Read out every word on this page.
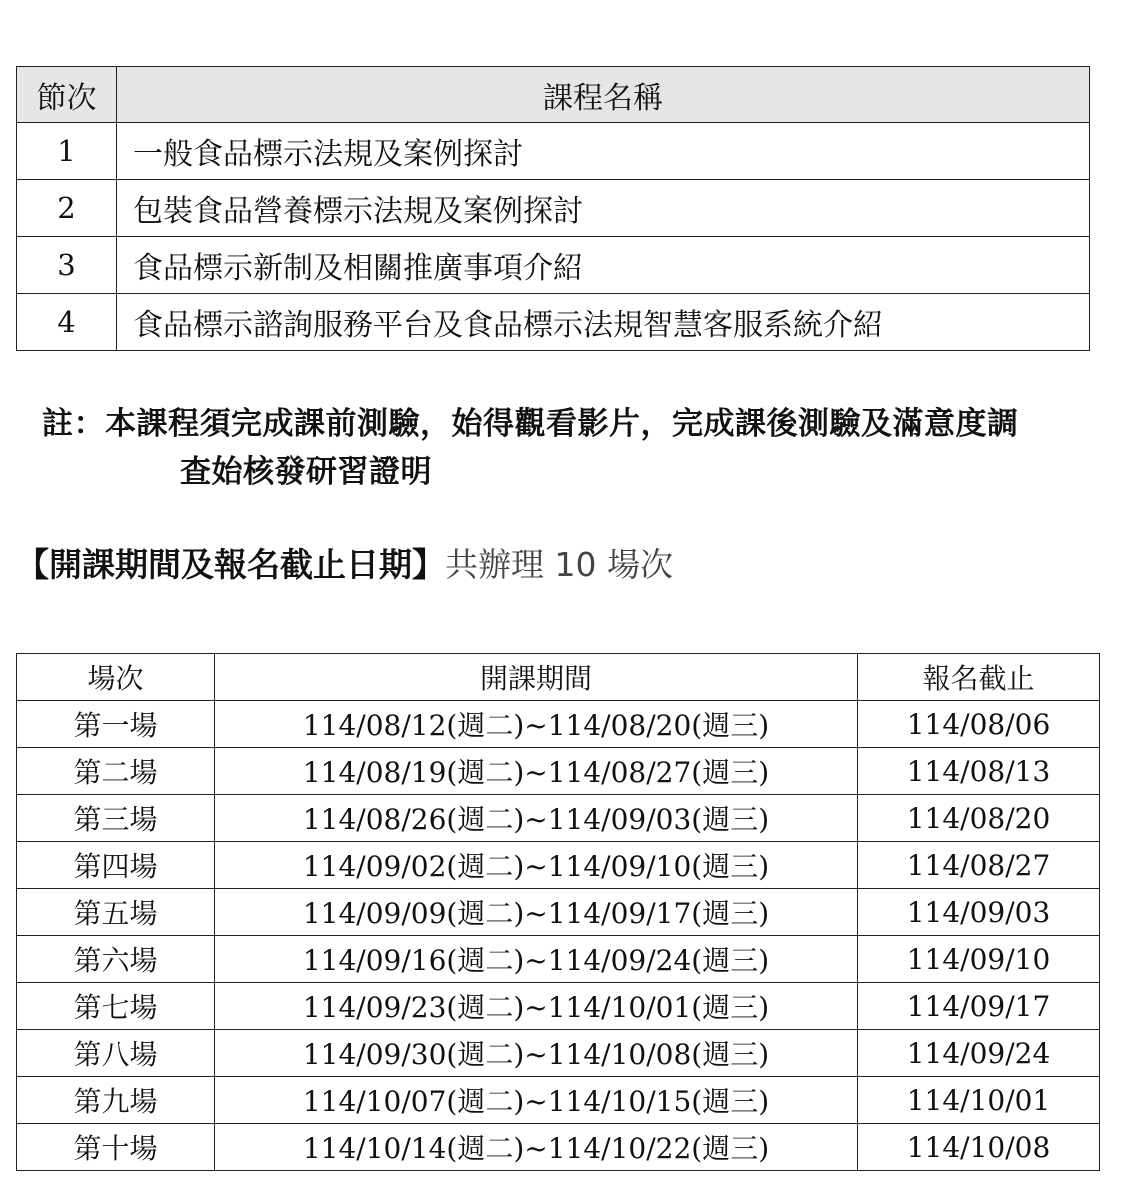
節次	課程名稱
1	一般食品標示法規及案例探討
2	包裝食品營養標示法規及案例探討
3	食品標示新制及相關推廣事項介紹
4	食品標示諮詢服務平台及食品標示法規智慧客服系統介紹
註：本課程須完成課前測驗，始得觀看影片，完成課後測驗及滿意度調
查始核發研習證明
【開課期間及報名截止日期】共辦理 10 場次
場次	開課期間	報名截止
第一場	114/08/12(週二)~114/08/20(週三)	114/08/06
第二場	114/08/19(週二)~114/08/27(週三)	114/08/13
第三場	114/08/26(週二)~114/09/03(週三)	114/08/20
第四場	114/09/02(週二)~114/09/10(週三)	114/08/27
第五場	114/09/09(週二)~114/09/17(週三)	114/09/03
第六場	114/09/16(週二)~114/09/24(週三)	114/09/10
第七場	114/09/23(週二)~114/10/01(週三)	114/09/17
第八場	114/09/30(週二)~114/10/08(週三)	114/09/24
第九場	114/10/07(週二)~114/10/15(週三)	114/10/01
第十場	114/10/14(週二)~114/10/22(週三)	114/10/08
